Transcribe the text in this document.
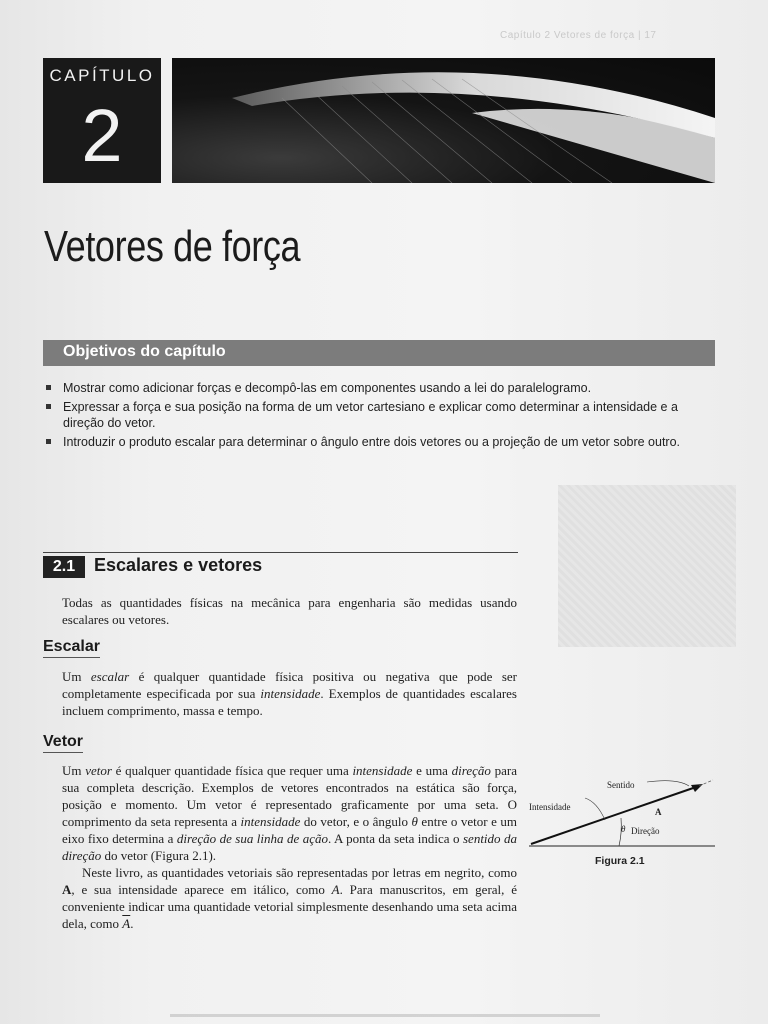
Capítulo 2 Vetores de força | 17
CAPÍTULO
2
Vetores de força
Objetivos do capítulo
Mostrar como adicionar forças e decompô-las em componentes usando a lei do paralelogramo.
Expressar a força e sua posição na forma de um vetor cartesiano e explicar como determinar a intensidade e a direção do vetor.
Introduzir o produto escalar para determinar o ângulo entre dois vetores ou a projeção de um vetor sobre outro.
2.1	Escalares e vetores

Todas as quantidades físicas na mecânica para engenharia são medidas usando escalares ou vetores.

Escalar

Um escalar é qualquer quantidade física positiva ou negativa que pode ser completamente especificada por sua intensidade. Exemplos de quantidades escalares incluem comprimento, massa e tempo.

Vetor

Um vetor é qualquer quantidade física que requer uma intensidade e uma direção para sua completa descrição. Exemplos de vetores encontrados na estática são força, posição e momento. Um vetor é representado graficamente por uma seta. O comprimento da seta representa a intensidade do vetor, e o ângulo θ entre o vetor e um eixo fixo determina a direção de sua linha de ação. A ponta da seta indica o sentido da direção do vetor (Figura 2.1).

Neste livro, as quantidades vetoriais são representadas por letras em negrito, como A, e sua intensidade aparece em itálico, como A. Para manuscritos, em geral, é conveniente indicar uma quantidade vetorial simplesmente desenhando uma seta acima dela, como $\overline{A}$.

Sentido
Intensidade	A
θ Direção

Figura 2.1
